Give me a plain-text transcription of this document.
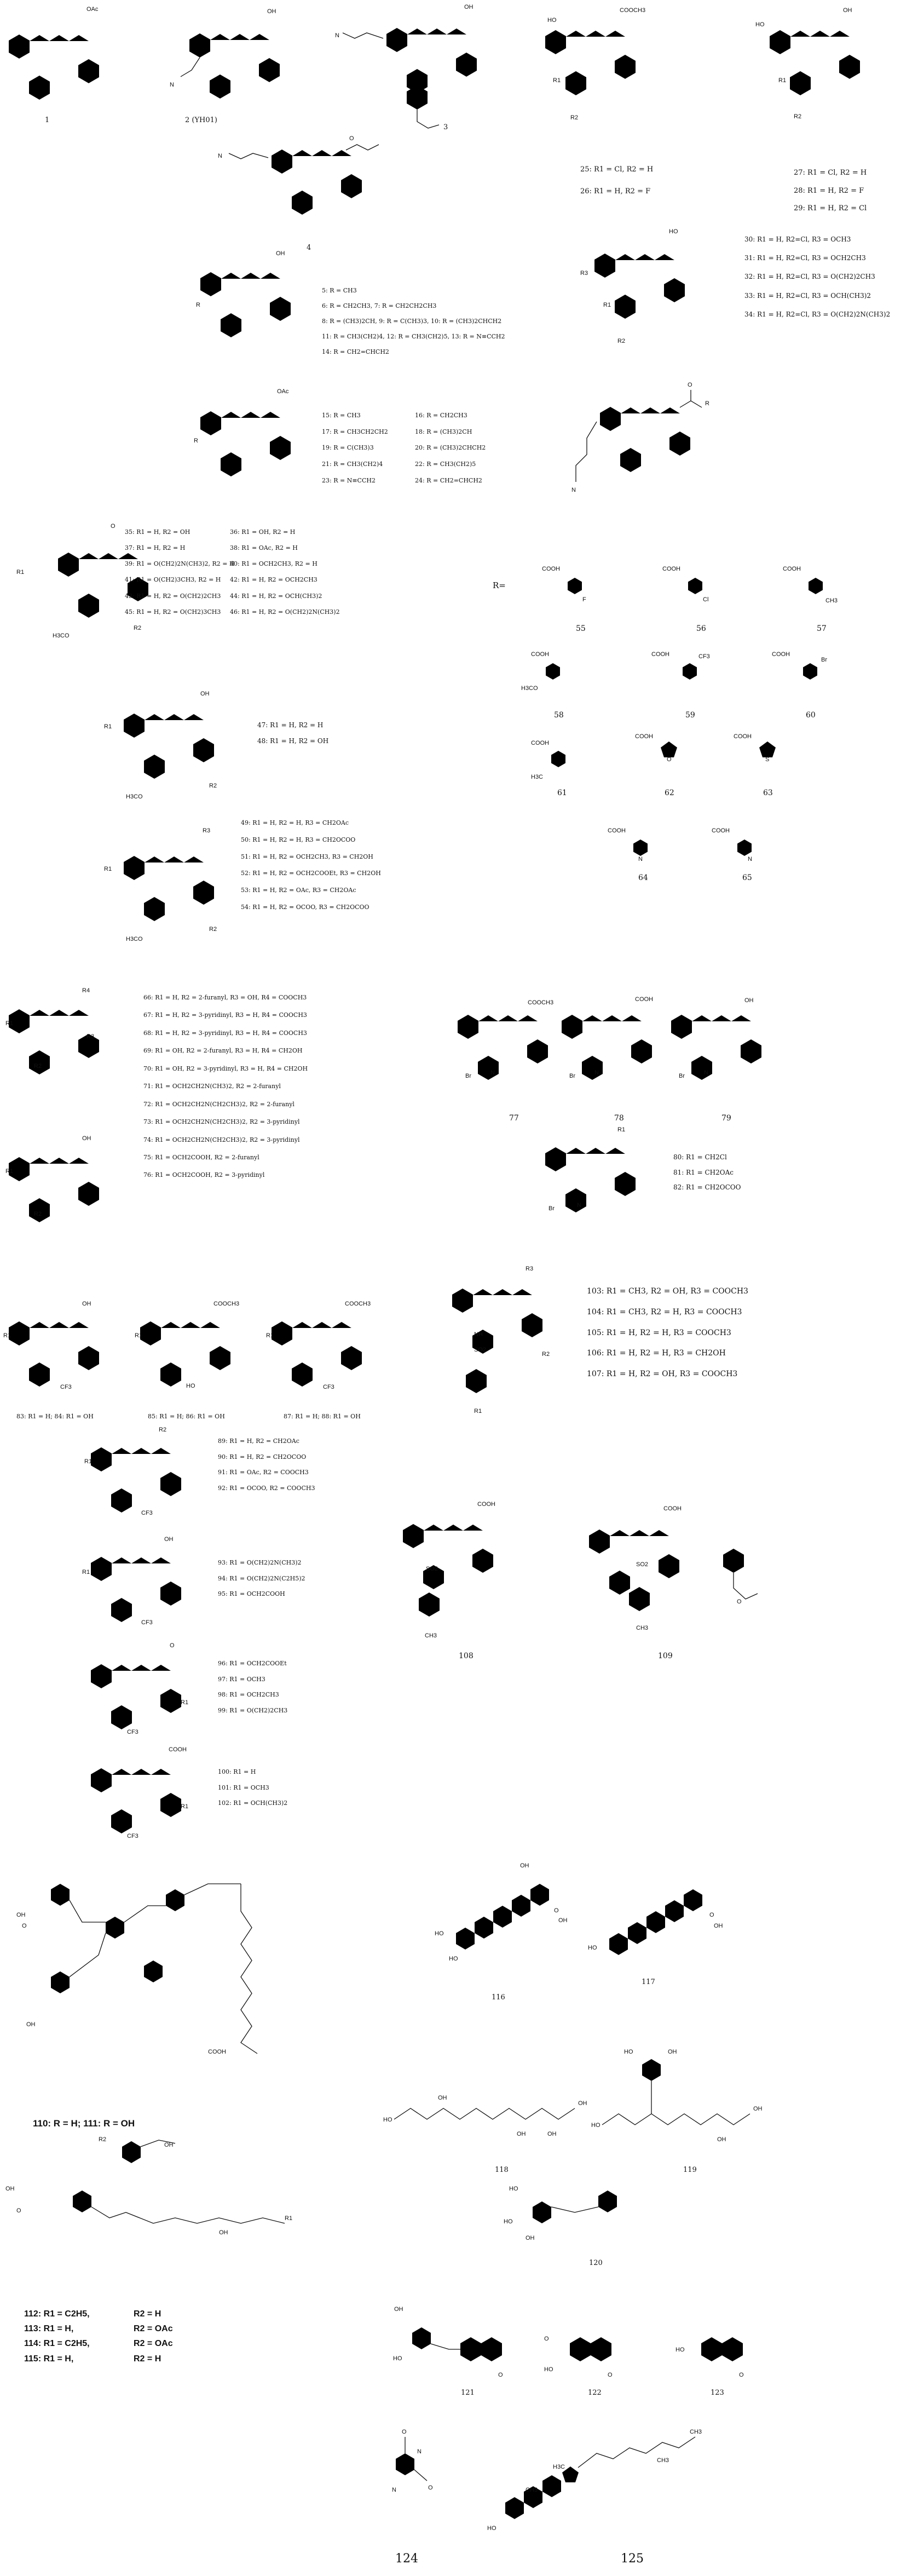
OAc
1
OH
N
2 (YH01)
OH
N
3
O
N
4
HO
COOCH3
R1
R2
25: R1 = Cl, R2 = H
26: R1 = H, R2 = F
HO
OH
R1
R2
27: R1 = Cl, R2 = H
28: R1 = H, R2 = F
29: R1 = H, R2 = Cl
OH
R
5: R = CH3
6: R = CH2CH3, 7: R = CH2CH2CH3
8: R = (CH3)2CH, 9: R = C(CH3)3, 10: R = (CH3)2CHCH2
11: R = CH3(CH2)4, 12: R = CH3(CH2)5, 13: R = N≡CCH2
14: R = CH2=CHCH2
HO
R3
R1
R2
30: R1 = H, R2=Cl, R3 = OCH3
31: R1 = H, R2=Cl, R3 = OCH2CH3
32: R1 = H, R2=Cl, R3 = O(CH2)2CH3
33: R1 = H, R2=Cl, R3 = OCH(CH3)2
34: R1 = H, R2=Cl, R3 = O(CH2)2N(CH3)2
OAc
R
15: R = CH3	16: R = CH2CH3
17: R = CH3CH2CH2	18: R = (CH3)2CH
19: R = C(CH3)3	20: R = (CH3)2CHCH2
21: R = CH3(CH2)4	22: R = CH3(CH2)5
23: R = N≡CCH2	24: R = CH2=CHCH2
O
R
N
R=
COOH
F
COOH
Cl
COOH
CH3
COOH
H3CO
COOH	CF3	COOH
Br
COOH
H3C
COOH
O
COOH
S
COOH
N
COOH
N
55	56	57
58	59	60
61	62	63
64	65
O
R1
R2
H3CO
35: R1 = H, R2 = OH	36: R1 = OH, R2 = H
37: R1 = H, R2 = H	38: R1 = OAc, R2 = H
39: R1 = O(CH2)2N(CH3)2, R2 = H
40: R1 = OCH2CH3, R2 = H
41: R1 = O(CH2)3CH3, R2 = H 42: R1 = H, R2 = OCH2CH3
43: R1 = H, R2 = O(CH2)2CH3 44: R1 = H, R2 = OCH(CH3)2
45: R1 = H, R2 = O(CH2)3CH3 46: R1 = H, R2 = O(CH2)2N(CH3)2
OH
R1
R2
H3CO
47: R1 = H, R2 = H
48: R1 = H, R2 = OH
R3
R1
R2
H3CO
49: R1 = H, R2 = H, R3 = CH2OAc
50: R1 = H, R2 = H, R3 = CH2OCOO
51: R1 = H, R2 = OCH2CH3, R3 = CH2OH
52: R1 = H, R2 = OCH2COOEt, R3 = CH2OH
53: R1 = H, R2 = OAc, R3 = CH2OAc
54: R1 = H, R2 = OCOO, R3 = CH2OCOO
R4
R1
R2
R3
OH
R1
R2
66: R1 = H, R2 = 2-furanyl, R3 = OH, R4 = COOCH3
67: R1 = H, R2 = 3-pyridinyl, R3 = H, R4 = COOCH3
68: R1 = H, R2 = 3-pyridinyl, R3 = H, R4 = COOCH3
69: R1 = OH, R2 = 2-furanyl, R3 = H, R4 = CH2OH
70: R1 = OH, R2 = 3-pyridinyl, R3 = H, R4 = CH2OH
71: R1 = OCH2CH2N(CH3)2, R2 = 2-furanyl
72: R1 = OCH2CH2N(CH2CH3)2, R2 = 2-furanyl
73: R1 = OCH2CH2N(CH2CH3)2, R2 = 3-pyridinyl
74: R1 = OCH2CH2N(CH2CH3)2, R2 = 3-pyridinyl
75: R1 = OCH2COOH, R2 = 2-furanyl
76: R1 = OCH2COOH, R2 = 3-pyridinyl
COOCH3
Br	N
77
COOH
Br	N
78
OH
Br	N
79
R1
Br	N
80: R1 = CH2Cl
81: R1 = CH2OAc
82: R1 = CH2OCOO
OH
R1
CF3
83: R1 = H; 84: R1 = OH
COOCH3
R1
HO
85: R1 = H; 86: R1 = OH
COOCH3
R1
CF3
87: R1 = H; 88: R1 = OH
R3
NH
SO2
R1
R2
103: R1 = CH3, R2 = OH, R3 = COOCH3
104: R1 = CH3, R2 = H, R3 = COOCH3
105: R1 = H, R2 = H, R3 = COOCH3
106: R1 = H, R2 = H, R3 = CH2OH
107: R1 = H, R2 = OH, R3 = COOCH3
R2
R1
CF3
89: R1 = H, R2 = CH2OAc
90: R1 = H, R2 = CH2OCOO
91: R1 = OAc, R2 = COOCH3
92: R1 = OCOO, R2 = COOCH3
OH
R1
CF3
93: R1 = O(CH2)2N(CH3)2
94: R1 = O(CH2)2N(C2H5)2
95: R1 = OCH2COOH
O
R1
CF3
96: R1 = OCH2COOEt
97: R1 = OCH3
98: R1 = OCH2CH3
99: R1 = O(CH2)2CH3
COOH
R1
CF3
100: R1 = H
101: R1 = OCH3
102: R1 = OCH(CH3)2
COOH
SO2
CH3
108
COOH
SO2
CH3
O
109
OH
COOH
OH
O
110: R = H; 111: R = OH
R2
OH
R1
OH
OH
O
112: R1 = C2H5,	R2 = H
113: R1 = H,	R2 = OAc
114: R1 = C2H5,	R2 = OAc
115: R1 = H,	R2 = H
HO
HO
O
OH
OH
116
HO
O
OH
117
HO
OH
OH	OH
OH
118
HO
HO	OH
OH
OH
119
HO
HO
OH
120
OH
HO
O
121
O
HO
O
122
HO
O
123
O
O
N
N
124
HO
H3C
CH3
CH3
CH3
125
